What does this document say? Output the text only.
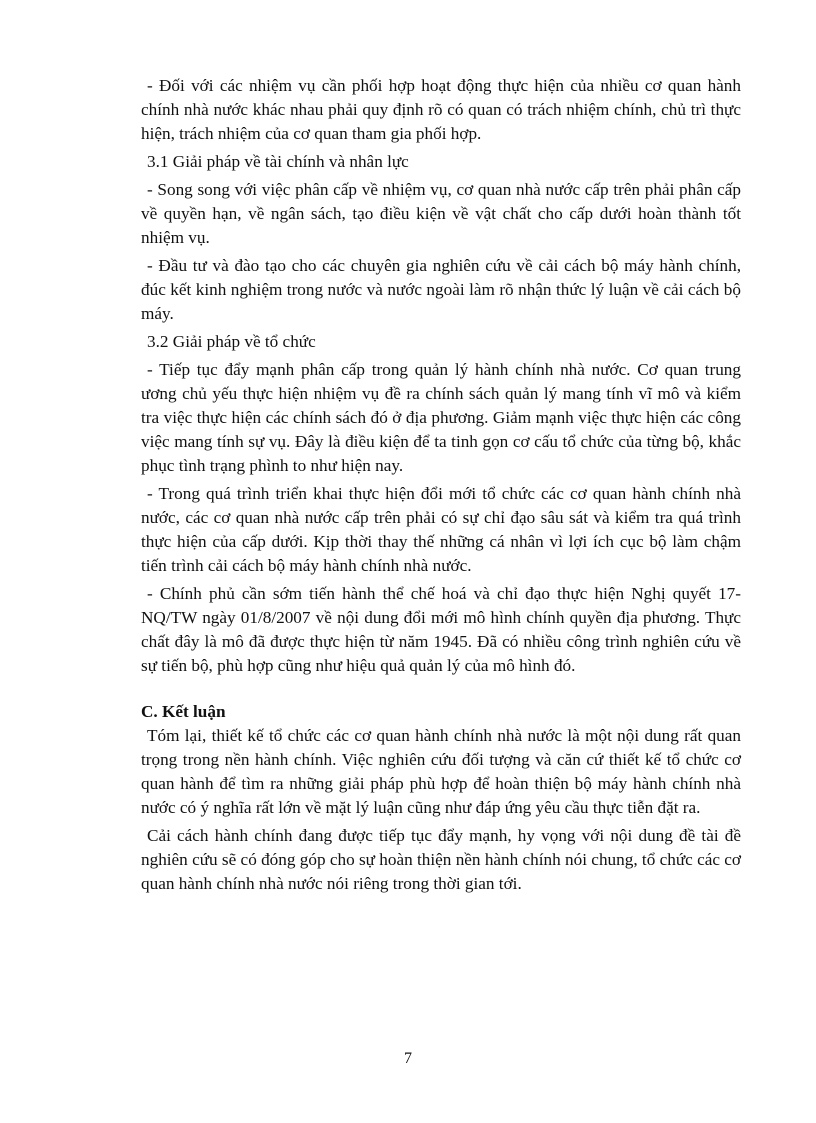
- Đối với các nhiệm vụ cần phối hợp hoạt động thực hiện của nhiều cơ quan hành chính nhà nước khác nhau phải quy định rõ có quan có trách nhiệm chính, chủ trì thực hiện, trách nhiệm của cơ quan tham gia phối hợp.

3.1 Giải pháp về tài chính và nhân lực

- Song song với việc phân cấp về nhiệm vụ, cơ quan nhà nước cấp trên phải phân cấp về quyền hạn, về ngân sách, tạo điều kiện về vật chất cho cấp dưới hoàn thành tốt nhiệm vụ.

- Đầu tư và đào tạo cho các chuyên gia nghiên cứu về cải cách bộ máy hành chính, đúc kết kinh nghiệm trong nước và nước ngoài làm rõ nhận thức lý luận về cải cách bộ máy.

3.2 Giải pháp về tổ chức

- Tiếp tục đẩy mạnh phân cấp trong quản lý hành chính nhà nước. Cơ quan trung ương chủ yếu thực hiện nhiệm vụ đề ra chính sách quản lý mang tính vĩ mô và kiểm tra việc thực hiện các chính sách đó ở địa phương. Giảm mạnh việc thực hiện các công việc mang tính sự vụ. Đây là điều kiện để ta tinh gọn cơ cấu tổ chức của từng bộ, khắc phục tình trạng phình to như hiện nay.

- Trong quá trình triển khai thực hiện đổi mới tổ chức các cơ quan hành chính nhà nước, các cơ quan nhà nước cấp trên phải có sự chỉ đạo sâu sát và kiểm tra quá trình thực hiện của cấp dưới. Kịp thời thay thế những cá nhân vì lợi ích cục bộ làm chậm tiến trình cải cách bộ máy hành chính nhà nước.

- Chính phủ cần sớm tiến hành thể chế hoá và chỉ đạo thực hiện Nghị quyết 17-NQ/TW ngày 01/8/2007 về nội dung đổi mới mô hình chính quyền địa phương. Thực chất đây là mô đã được thực hiện từ năm 1945. Đã có nhiều công trình nghiên cứu về sự tiến bộ, phù hợp cũng như hiệu quả quản lý của mô hình đó.

C. Kết luận

Tóm lại, thiết kế tổ chức các cơ quan hành chính nhà nước là một nội dung rất quan trọng trong nền hành chính. Việc nghiên cứu đối tượng và căn cứ thiết kế tổ chức cơ quan hành để tìm ra những giải pháp phù hợp để hoàn thiện bộ máy hành chính nhà nước có ý nghĩa rất lớn về mặt lý luận cũng như đáp ứng yêu cầu thực tiễn đặt ra.

Cải cách hành chính đang được tiếp tục đẩy mạnh, hy vọng với nội dung đề tài đề nghiên cứu sẽ có đóng góp cho sự hoàn thiện nền hành chính nói chung, tổ chức các cơ quan hành chính nhà nước nói riêng trong thời gian tới.

7
